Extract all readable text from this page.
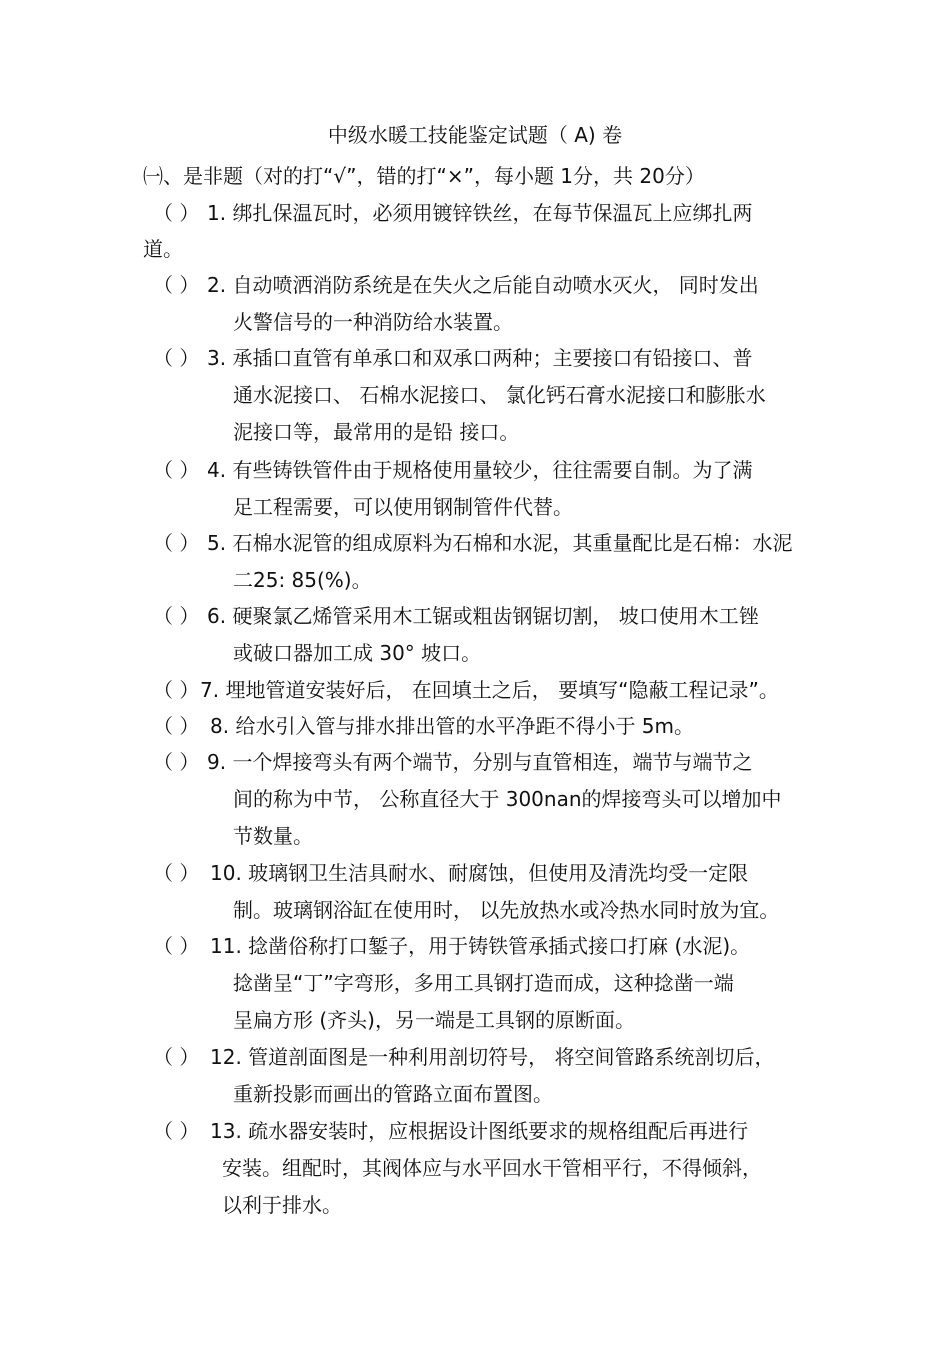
中级水暖工技能鉴定试题（ A) 卷
㈠、是非题（对的打“√”，错的打“×”，每小题 1分，共 20分）
（ ） 1. 绑扎保温瓦时，必须用镀锌铁丝，在每节保温瓦上应绑扎两
道。
（ ） 2. 自动喷洒消防系统是在失火之后能自动喷水灭火， 同时发出
火警信号的一种消防给水装置。
（ ） 3. 承插口直管有单承口和双承口两种；主要接口有铅接口、普
通水泥接口、 石棉水泥接口、 氯化钙石膏水泥接口和膨胀水
泥接口等，最常用的是铅 接口。
（ ） 4. 有些铸铁管件由于规格使用量较少，往往需要自制。为了满
足工程需要，可以使用钢制管件代替。
（ ） 5. 石棉水泥管的组成原料为石棉和水泥，其重量配比是石棉：水泥
二25: 85(%)。
（ ） 6. 硬聚氯乙烯管采用木工锯或粗齿钢锯切割， 坡口使用木工锉
或破口器加工成 30° 坡口。
（ ） 7. 埋地管道安装好后， 在回填土之后， 要填写“隐蔽工程记录”。
（ ） 8. 给水引入管与排水排出管的水平净距不得小于 5m。
（ ） 9. 一个焊接弯头有两个端节，分别与直管相连，端节与端节之
间的称为中节， 公称直径大于 300nan的焊接弯头可以增加中
节数量。
（ ） 10. 玻璃钢卫生洁具耐水、耐腐蚀，但使用及清洗均受一定限
制。玻璃钢浴缸在使用时， 以先放热水或冷热水同时放为宜。
（ ） 11. 捻凿俗称打口錾子，用于铸铁管承插式接口打麻 (水泥)。
捻凿呈“丁”字弯形，多用工具钢打造而成，这种捻凿一端
呈扁方形 (齐头)，另一端是工具钢的原断面。
（ ） 12. 管道剖面图是一种利用剖切符号， 将空间管路系统剖切后，
重新投影而画出的管路立面布置图。
（ ） 13. 疏水器安装时，应根据设计图纸要求的规格组配后再进行
安装。组配时，其阀体应与水平回水干管相平行，不得倾斜，
以利于排水。
